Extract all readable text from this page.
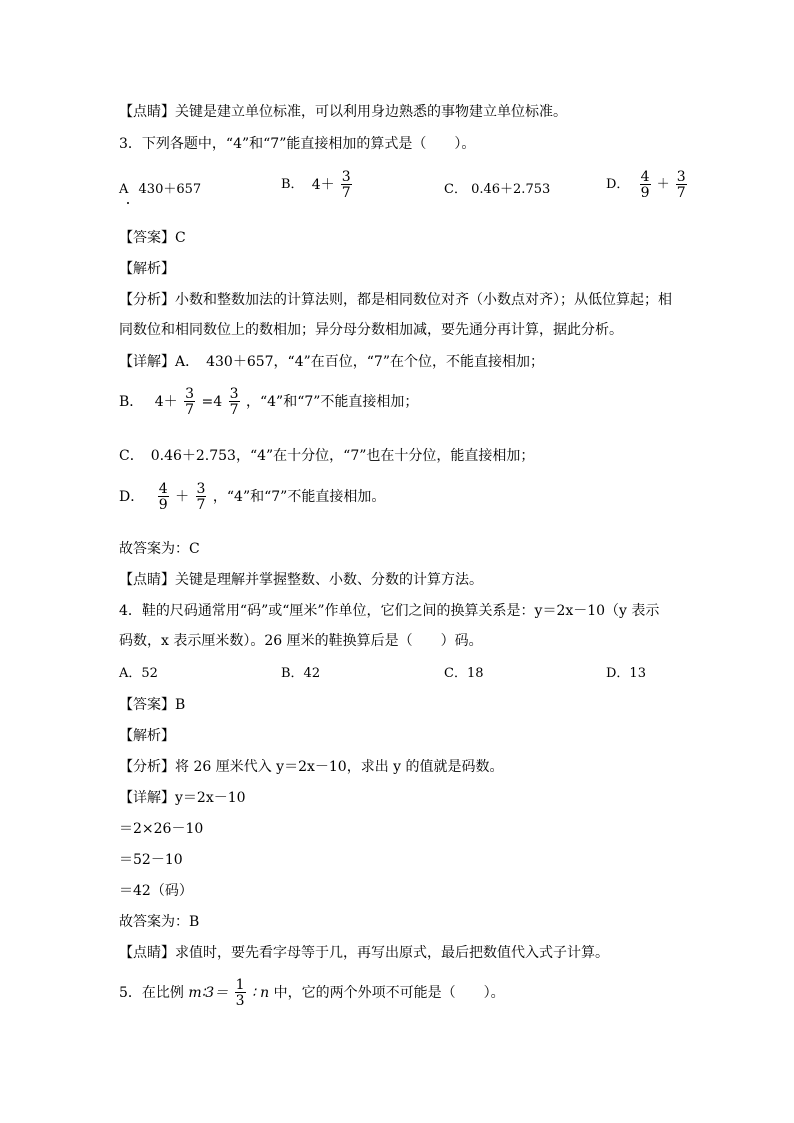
【点睛】关键是建立单位标准，可以利用身边熟悉的事物建立单位标准。
3．下列各题中，“4”和“7”能直接相加的算式是（　　）。
A 430＋657	B． $4+ \frac{3}{7}$	C． 0.46＋2.753	D． $\frac{4}{9} + \frac{3}{7}$
【答案】C
【解析】
【分析】小数和整数加法的计算法则，都是相同数位对齐（小数点对齐）；从低位算起；相
同数位和相同数位上的数相加；异分母分数相加减，要先通分再计算，据此分析。
【详解】A．　430＋657，“4”在百位，“7”在个位，不能直接相加；
B．　 $4+ \frac{3}{7} =4 \frac{3}{7}$ ，“4”和“7”不能直接相加；
C．　0.46＋2.753，“4”在十分位，“7”也在十分位，能直接相加；
D．　 $\frac{4}{9} + \frac{3}{7}$ ，“4”和“7”不能直接相加。
故答案为：C
【点睛】关键是理解并掌握整数、小数、分数的计算方法。
4．鞋的尺码通常用“码”或“厘米”作单位，它们之间的换算关系是：y＝2x－10（y 表示
码数，x 表示厘米数）。26 厘米的鞋换算后是（　　）码。
A．52	B．42	C．18	D．13
【答案】B
【解析】
【分析】将 26 厘米代入 y＝2x－10，求出 y 的值就是码数。
【详解】y＝2x－10
＝2×26－10
＝52－10
＝42（码）
故答案为：B
【点睛】求值时，要先看字母等于几，再写出原式，最后把数值代入式子计算。
5．在比例 m∶3＝ $\frac{1}{3}$ ∶ n 中，它的两个外项不可能是（　　）。
